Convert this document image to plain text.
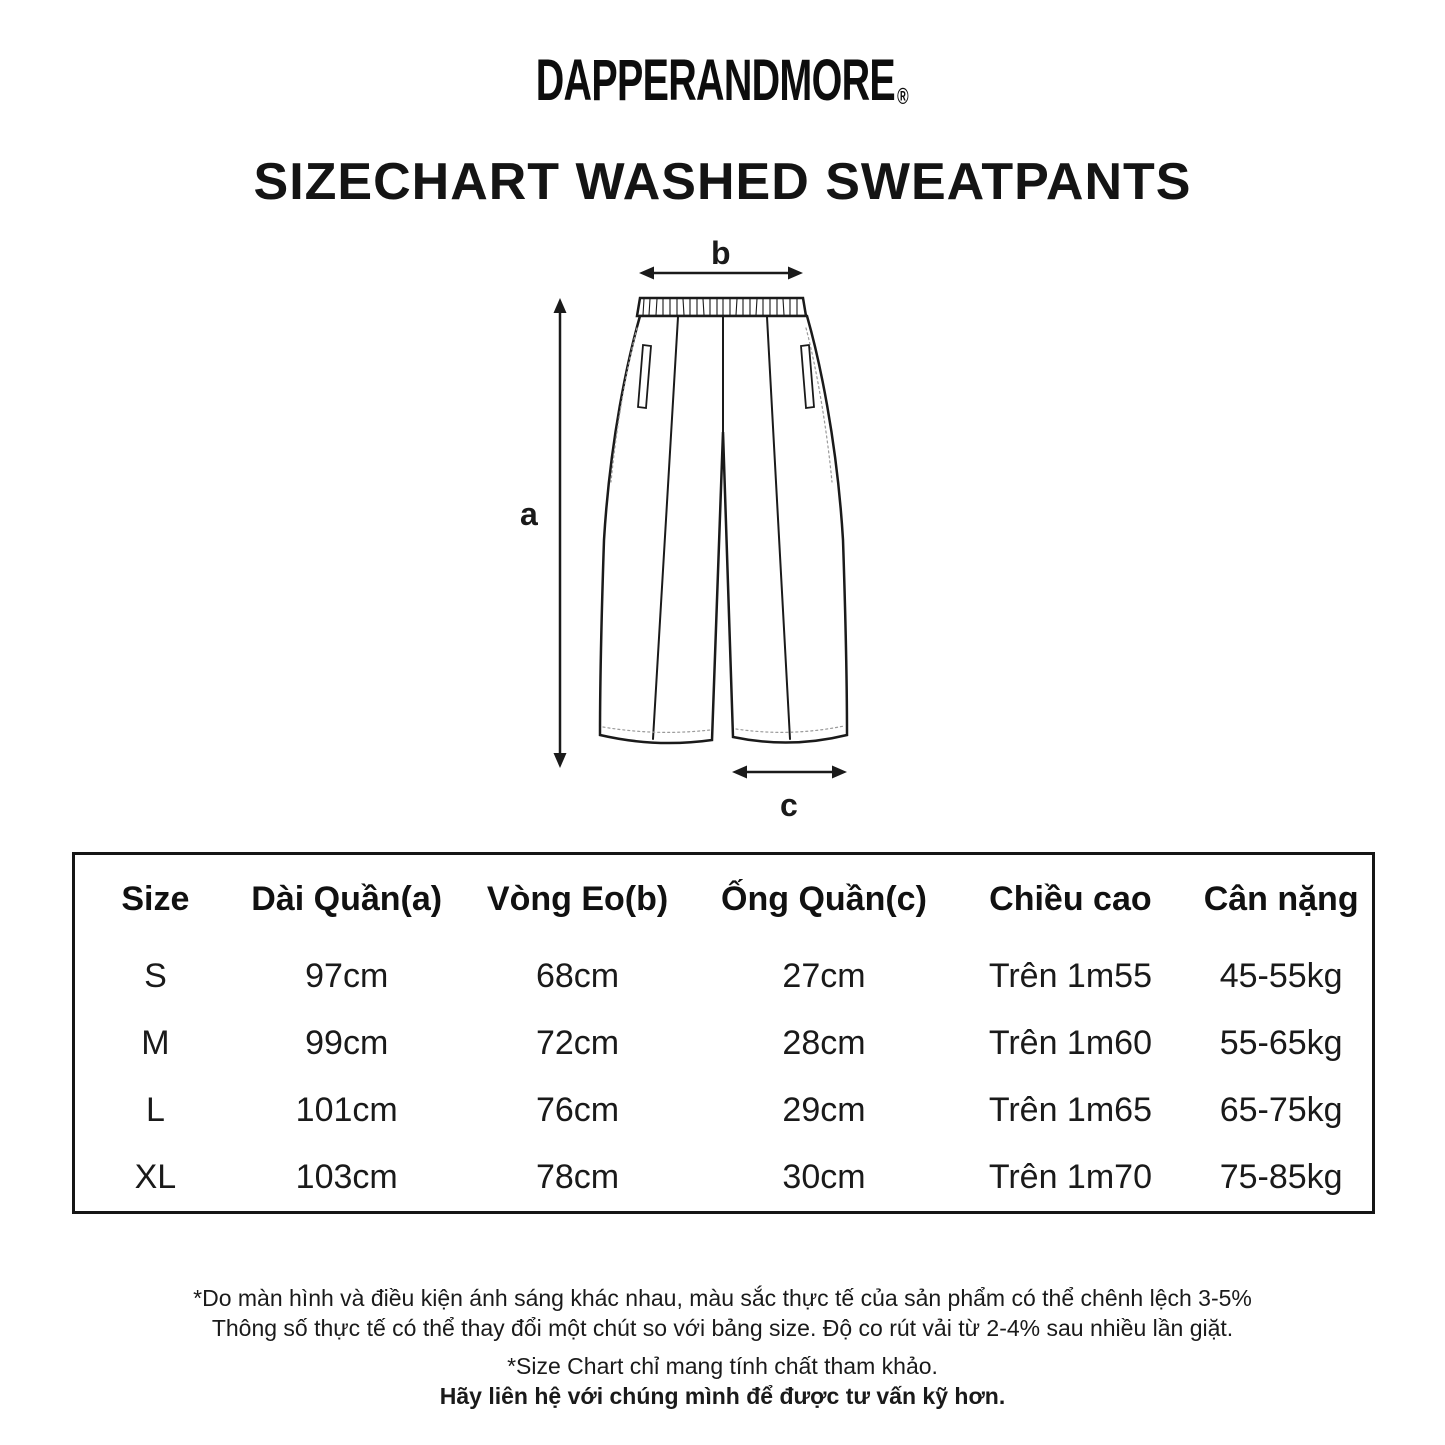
DAPPERANDMORE ®
SIZECHART WASHED SWEATPANTS
b
a
c
Size	Dài Quần(a)	Vòng Eo(b)	Ống Quần(c)	Chiều cao	Cân nặng
S	97cm	68cm	27cm	Trên 1m55	45-55kg
M	99cm	72cm	28cm	Trên 1m60	55-65kg
L	101cm	76cm	29cm	Trên 1m65	65-75kg
XL	103cm	78cm	30cm	Trên 1m70	75-85kg

*Do màn hình và điều kiện ánh sáng khác nhau, màu sắc thực tế của sản phẩm có thể chênh lệch 3-5%

Thông số thực tế có thể thay đổi một chút so với bảng size. Độ co rút vải từ 2-4% sau nhiều lần giặt.

*Size Chart chỉ mang tính chất tham khảo.

Hãy liên hệ với chúng mình để được tư vấn kỹ hơn.
